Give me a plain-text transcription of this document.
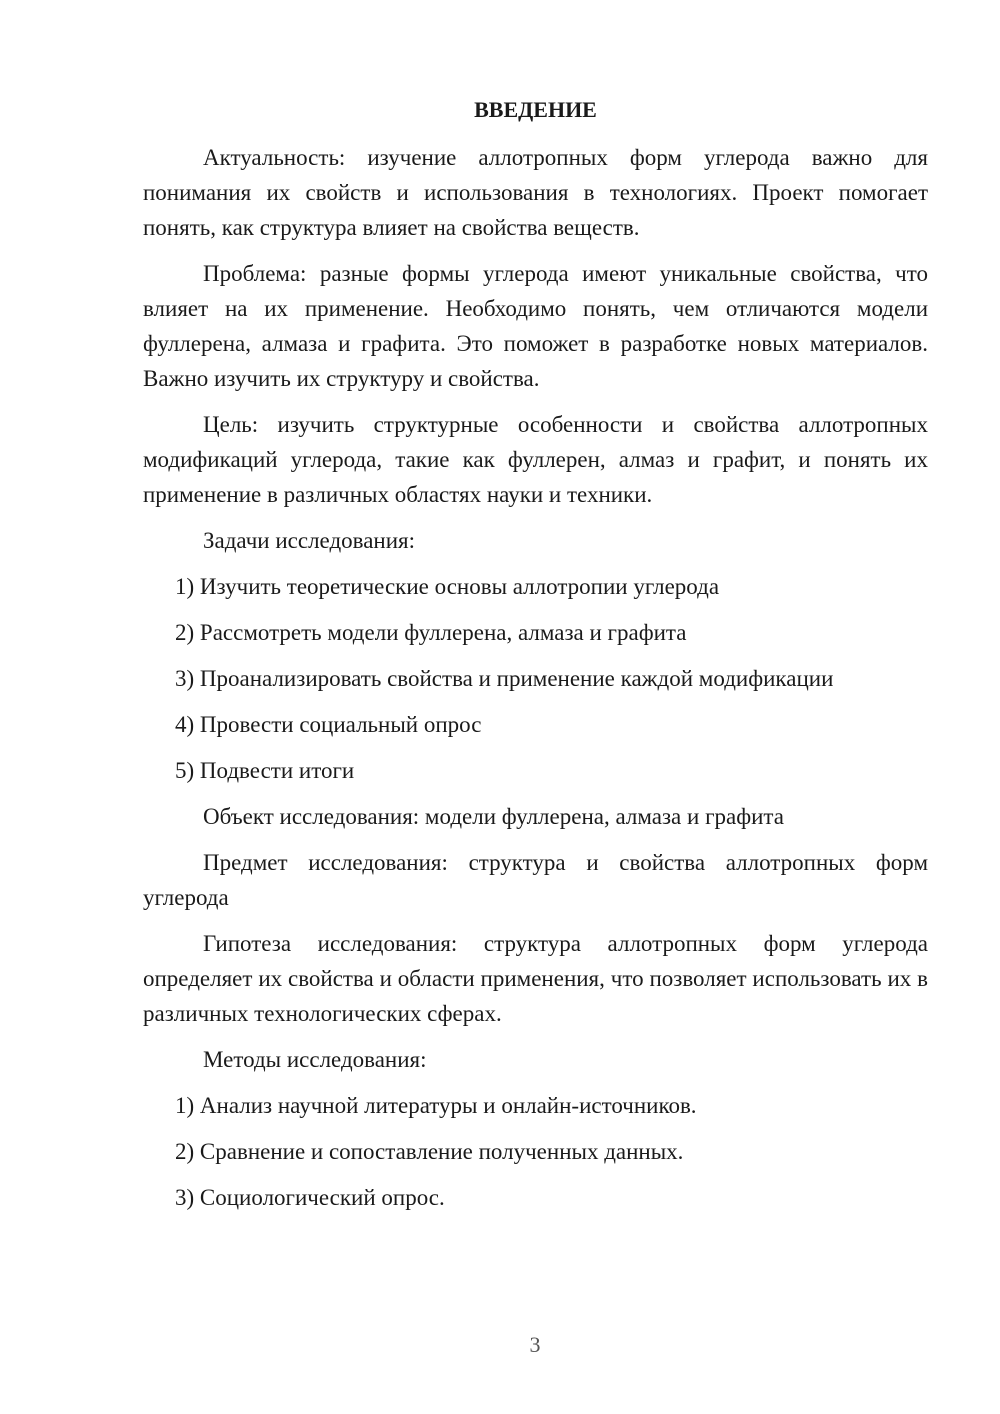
ВВЕДЕНИЕ

Актуальность: изучение аллотропных форм углерода важно для понимания их свойств и использования в технологиях. Проект помогает понять, как структура влияет на свойства веществ.

Проблема: разные формы углерода имеют уникальные свойства, что влияет на их применение. Необходимо понять, чем отличаются модели фуллерена, алмаза и графита. Это поможет в разработке новых материалов. Важно изучить их структуру и свойства.

Цель: изучить структурные особенности и свойства аллотропных модификаций углерода, такие как фуллерен, алмаз и графит, и понять их применение в различных областях науки и техники.

Задачи исследования:

1) Изучить теоретические основы аллотропии углерода
2) Рассмотреть модели фуллерена, алмаза и графита
3) Проанализировать свойства и применение каждой модификации
4) Провести социальный опрос
5) Подвести итоги

Объект исследования: модели фуллерена, алмаза и графита

Предмет исследования: структура и свойства аллотропных форм углерода

Гипотеза исследования: структура аллотропных форм углерода определяет их свойства и области применения, что позволяет использовать их в различных технологических сферах.

Методы исследования:

1) Анализ научной литературы и онлайн-источников.
2) Сравнение и сопоставление полученных данных.
3) Социологический опрос.
3
